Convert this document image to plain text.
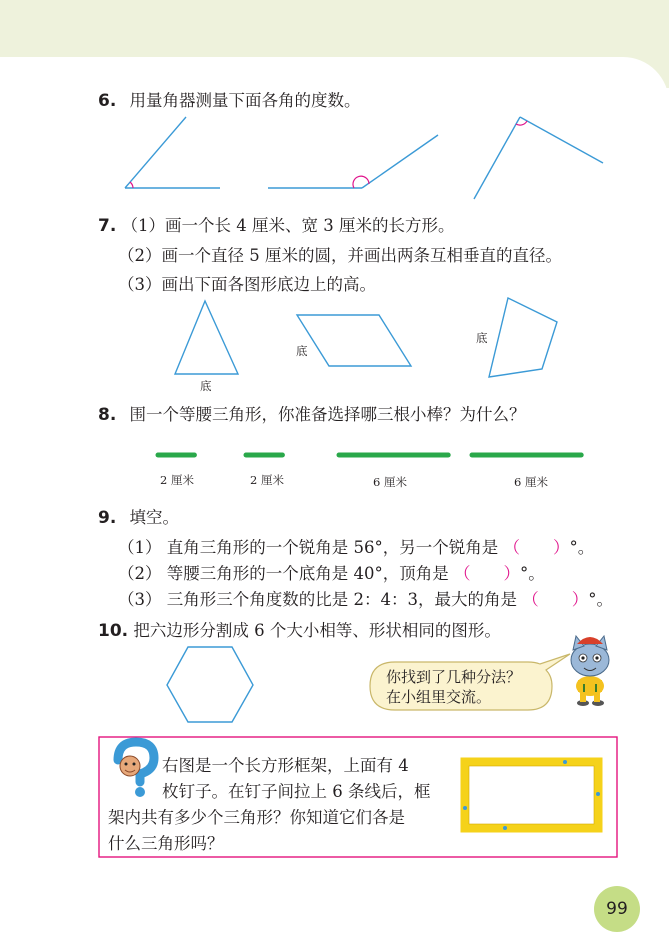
6. 用量角器测量下面各角的度数。
7. （1）画一个长 4 厘米、宽 3 厘米的长方形。
（2）画一个直径 5 厘米的圆，并画出两条互相垂直的直径。
（3）画出下面各图形底边上的高。
底
底
底
8. 围一个等腰三角形，你准备选择哪三根小棒？为什么？
2 厘米	2 厘米	6 厘米	6 厘米
9. 填空。
（1） 直角三角形的一个锐角是 56°，另一个锐角是 （　　）°。
（2） 等腰三角形的一个底角是 40°，顶角是 （　　）°。
（3） 三角形三个角度数的比是 2：4：3，最大的角是 （　　）°。
10. 把六边形分割成 6 个大小相等、形状相同的图形。
你找到了几种分法？
在小组里交流。
右图是一个长方形框架，上面有 4
枚钉子。在钉子间拉上 6 条线后，框
架内共有多少个三角形？你知道它们各是
什么三角形吗？
99
